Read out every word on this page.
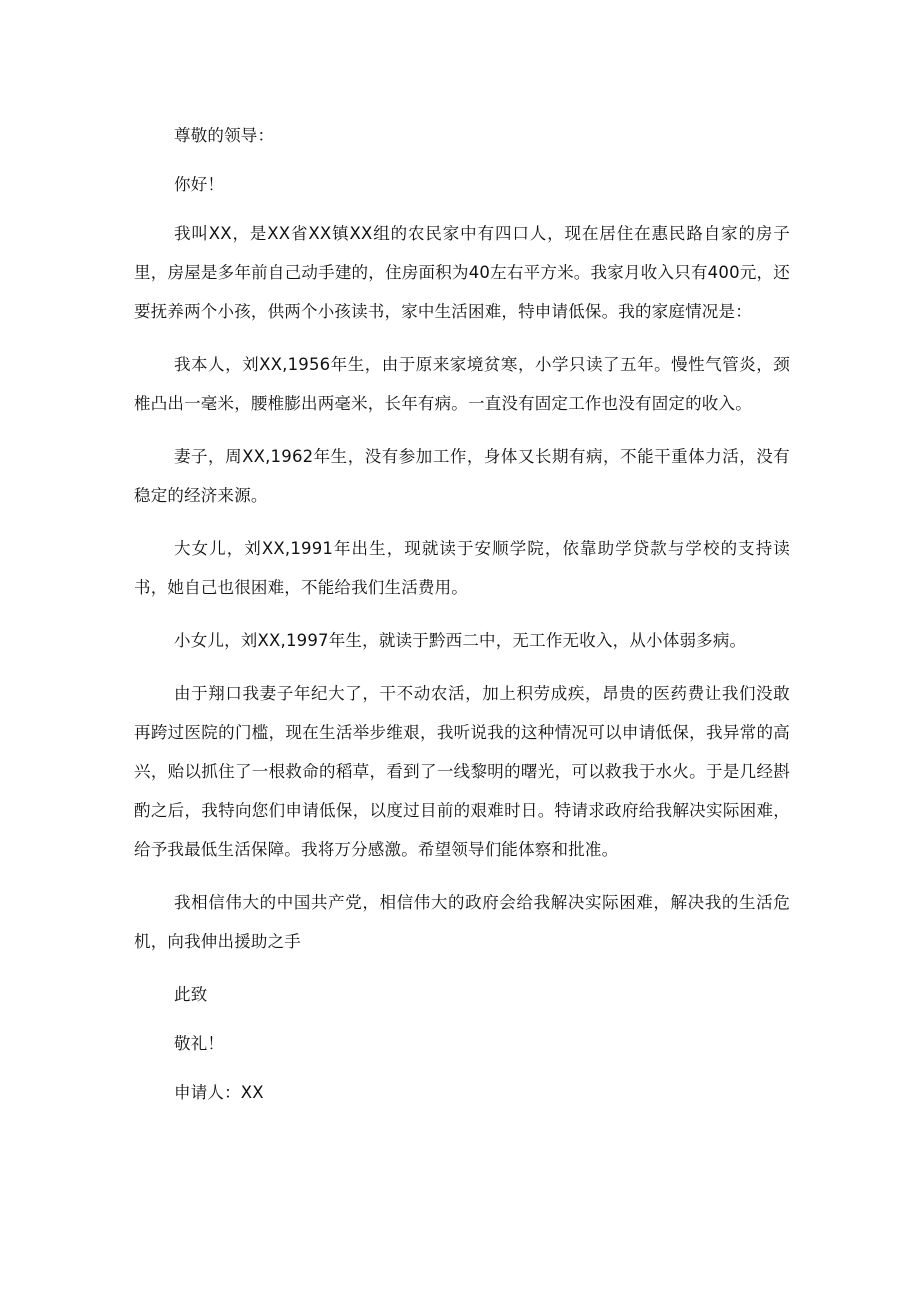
尊敬的领导：

你好！

我叫XX，是XX省XX镇XX组的农民家中有四口人，现在居住在惠民路自家的房子里，房屋是多年前自己动手建的，住房面积为40左右平方米。我家月收入只有400元，还要抚养两个小孩，供两个小孩读书，家中生活困难，特申请低保。我的家庭情况是：

我本人，刘XX,1956年生，由于原来家境贫寒，小学只读了五年。慢性气管炎，颈椎凸出一毫米，腰椎膨出两毫米，长年有病。一直没有固定工作也没有固定的收入。

妻子，周XX,1962年生，没有参加工作，身体又长期有病，不能干重体力活，没有稳定的经济来源。

大女儿，刘XX,1991年出生，现就读于安顺学院，依靠助学贷款与学校的支持读书，她自己也很困难，不能给我们生活费用。

小女儿，刘XX,1997年生，就读于黔西二中，无工作无收入，从小体弱多病。

由于翔口我妻子年纪大了，干不动农活，加上积劳成疾，昂贵的医药费让我们没敢再跨过医院的门槛，现在生活举步维艰，我听说我的这种情况可以申请低保，我异常的高兴，贻以抓住了一根救命的稻草，看到了一线黎明的曙光，可以救我于水火。于是几经斟酌之后，我特向您们申请低保，以度过目前的艰难时日。特请求政府给我解决实际困难，给予我最低生活保障。我将万分感激。希望领导们能体察和批准。

我相信伟大的中国共产党，相信伟大的政府会给我解决实际困难，解决我的生活危机，向我伸出援助之手

此致

敬礼！

申请人：XX
